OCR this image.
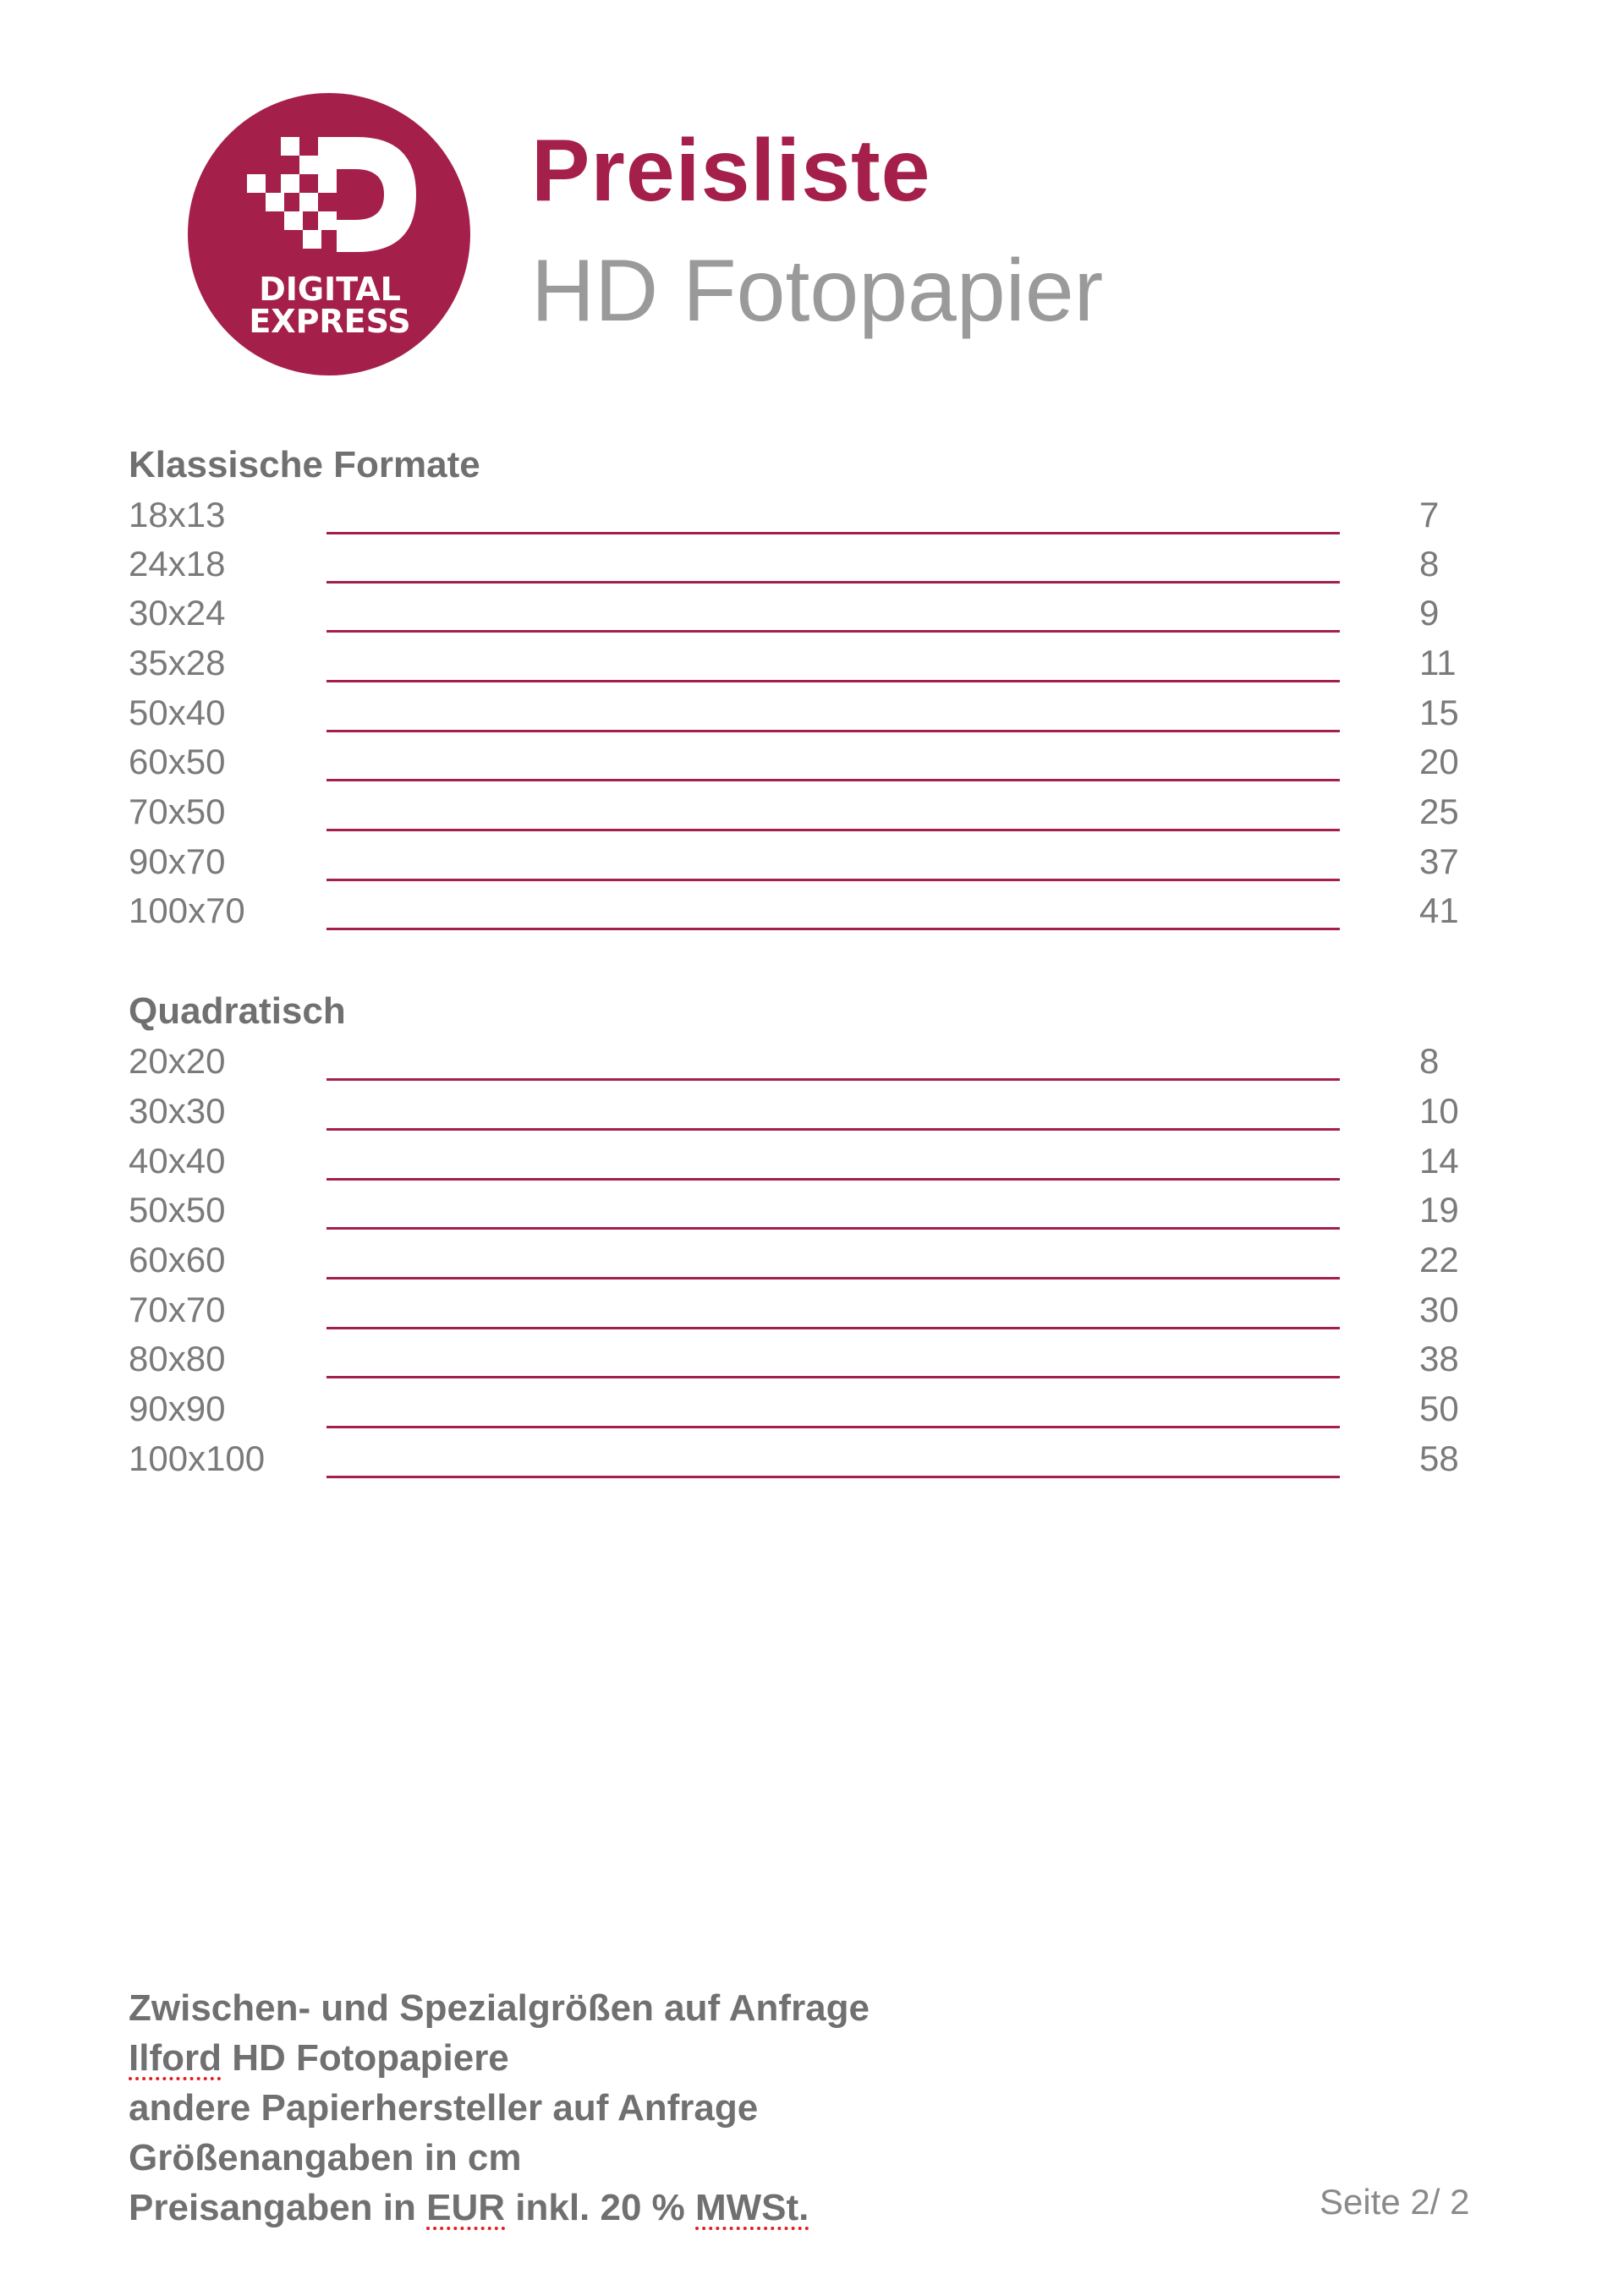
DIGITAL
EXPRESS
Preisliste
HD Fotopapier
Klassische Formate
18x13	7
24x18	8
30x24	9
35x28	11
50x40	15
60x50	20
70x50	25
90x70	37
100x70	41
Quadratisch
20x20	8
30x30	10
40x40	14
50x50	19
60x60	22
70x70	30
80x80	38
90x90	50
100x100	58
Zwischen- und Spezialgrößen auf Anfrage
Ilford HD Fotopapiere
andere Papierhersteller auf Anfrage
Größenangaben in cm
Preisangaben in EUR inkl. 20 % MWSt.	Seite 2/ 2
